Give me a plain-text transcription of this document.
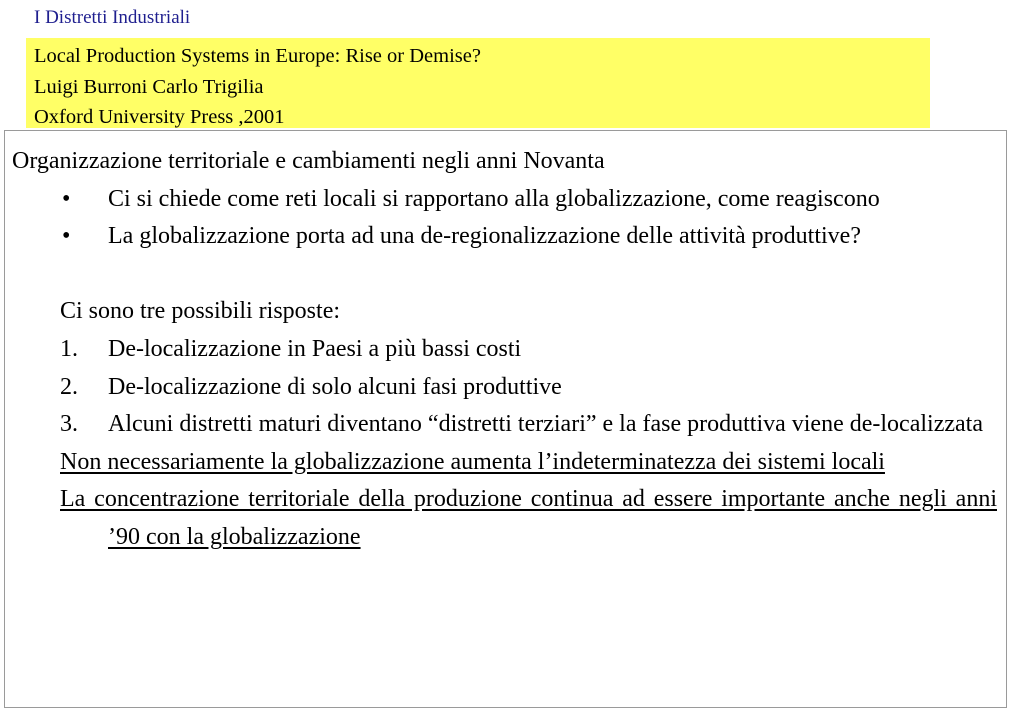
I Distretti Industriali
Local Production Systems in Europe: Rise or Demise?
Luigi Burroni Carlo Trigilia
Oxford University Press ,2001

Organizzazione territoriale e cambiamenti negli anni Novanta

• Ci si chiede come reti locali si rapportano alla globalizzazione, come reagiscono

• La globalizzazione porta ad una de-regionalizzazione delle attività produttive?

Ci sono tre possibili risposte:

1. De-localizzazione in Paesi a più bassi costi

2. De-localizzazione di solo alcuni fasi produttive

3. Alcuni distretti maturi diventano “distretti terziari” e la fase produttiva viene de-localizzata

Non necessariamente la globalizzazione aumenta l’indeterminatezza dei sistemi locali

La concentrazione territoriale della produzione continua ad essere importante anche negli anni ’90 con la globalizzazione
